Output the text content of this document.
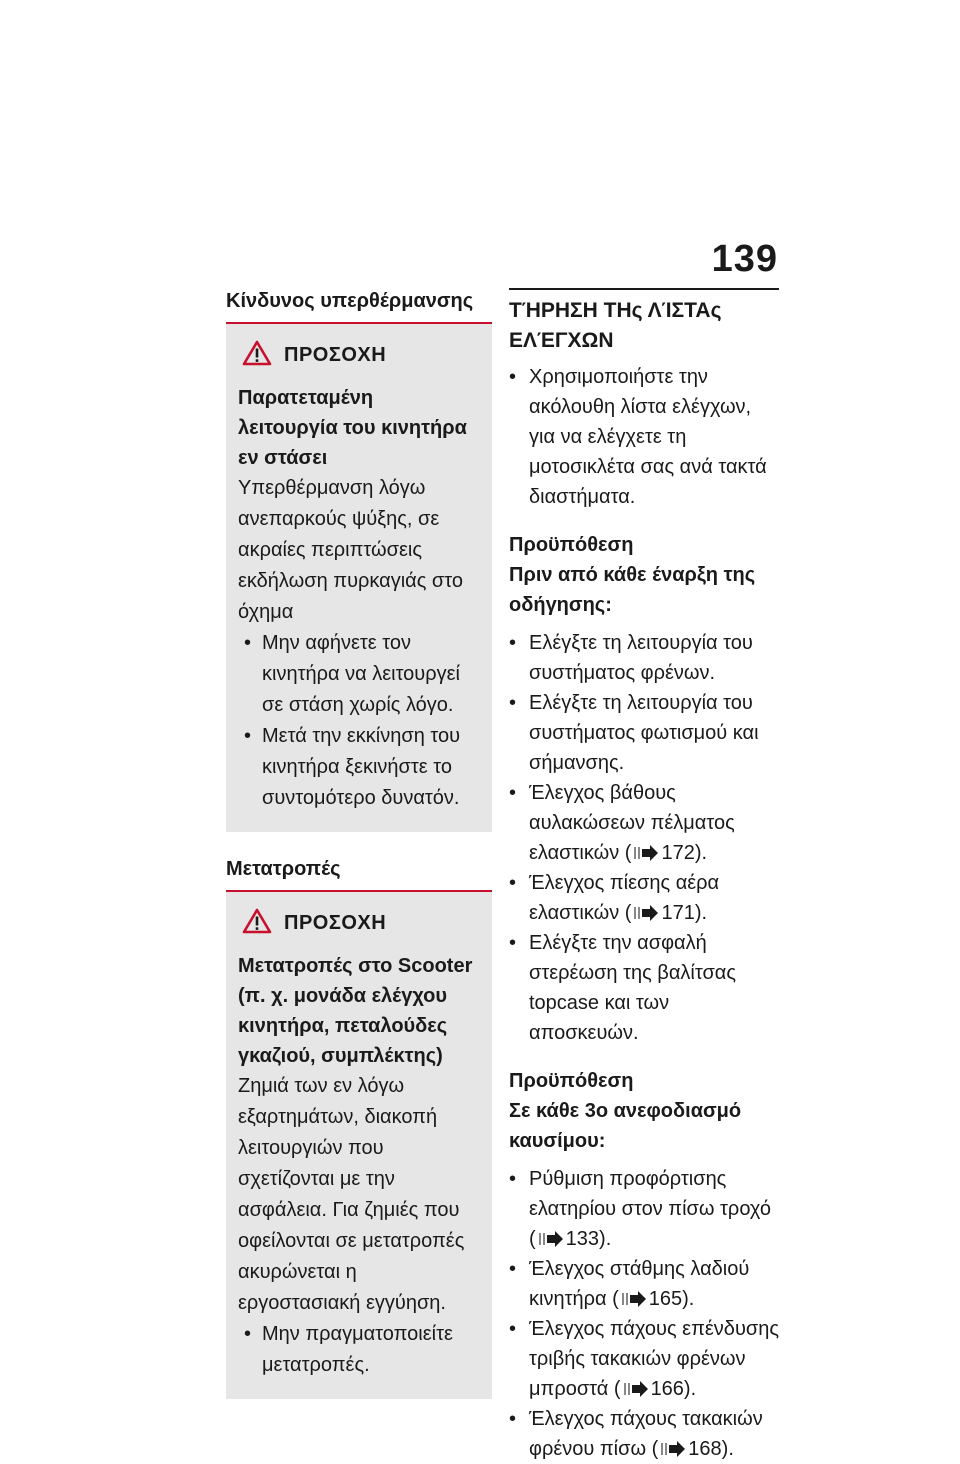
139
Κίνδυνος υπερθέρμανσης
ΠΡΟΣΟΧΗ
Παρατεταμένη λειτουργία του κινητήρα εν στάσει
Υπερθέρμανση λόγω ανεπαρκούς ψύξης, σε ακραίες περιπτώσεις εκδήλωση πυρκαγιάς στο όχημα
• Μην αφήνετε τον κινητήρα να λειτουργεί σε στάση χωρίς λόγο.
• Μετά την εκκίνηση του κινητήρα ξεκινήστε το συντομότερο δυνατόν.
Μετατροπές
ΠΡΟΣΟΧΗ
Μετατροπές στο Scooter (π. χ. μονάδα ελέγχου κινητήρα, πεταλούδες γκαζιού, συμπλέκτης)
Ζημιά των εν λόγω εξαρτημάτων, διακοπή λειτουργιών που σχετίζονται με την ασφάλεια. Για ζημιές που οφείλονται σε μετατροπές ακυρώνεται η εργοστασιακή εγγύηση.
• Μην πραγματοποιείτε μετατροπές.
ΤΉΡΗΣΗ ΤΗς ΛΊΣΤΑς ΕΛΈΓΧΩΝ
• Χρησιμοποιήστε την ακόλουθη λίστα ελέγχων, για να ελέγχετε τη μοτοσικλέτα σας ανά τακτά διαστήματα.
Προϋπόθεση
Πριν από κάθε έναρξη της οδήγησης:
• Ελέγξτε τη λειτουργία του συστήματος φρένων.
• Ελέγξτε τη λειτουργία του συστήματος φωτισμού και σήμανσης.
• Έλεγχος βάθους αυλακώσεων πέλματος ελαστικών ( 172).
• Έλεγχος πίεσης αέρα ελαστικών ( 171).
• Ελέγξτε την ασφαλή στερέωση της βαλίτσας topcase και των αποσκευών.
Προϋπόθεση
Σε κάθε 3ο ανεφοδιασμό καυσίμου:
• Ρύθμιση προφόρτισης ελατηρίου στον πίσω τροχό ( 133).
• Έλεγχος στάθμης λαδιού κινητήρα ( 165).
• Έλεγχος πάχους επένδυσης τριβής τακακιών φρένων μπροστά ( 166).
• Έλεγχος πάχους τακακιών φρένου πίσω ( 168).
